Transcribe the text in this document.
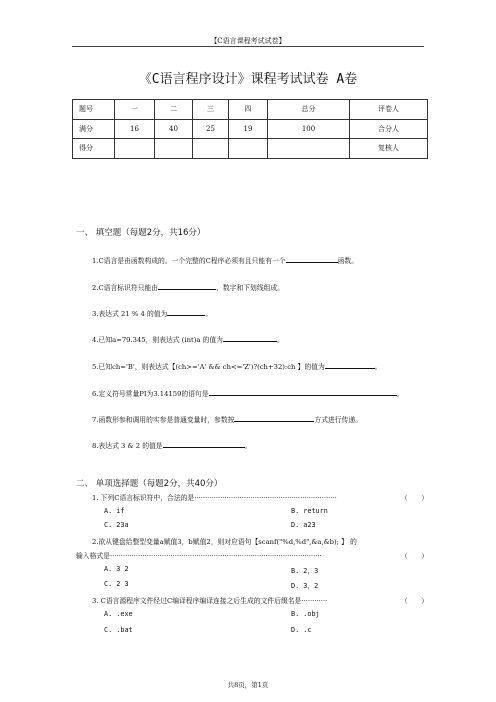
【C语言课程考试试卷】
《C语言程序设计》课程考试试卷 A卷
题号	一	二	三	四	总分	评卷人
满分	16	40	25	19	100	合分人
得分						复核人
一、 填空题（每题2分，共16分）
1.C语言是由函数构成的。一个完整的C程序必须有且只能有一个	函数。
2.C语言标识符只能由	、数字和下划线组成。
3.表达式 21 % 4 的值为	。
4.已知a=79.345，则表达式 (int)a 的值为	。
5.已知ch='B'，则表达式【(ch>='A' && ch<='Z')?(ch+32):ch 】的值为	。
6.定义符号常量PI为3.14159的语句是	。
7.函数形参和调用的实参是普通变量时，参数按	方式进行传递。
8.表达式 3 & 2 的值是	。
二、 单项选择题（每题2分，共40分）
1. 下列C语言标识符中，合法的是··································································	（　　）
A. if	B. return
C. 23a	D. a23
2.欲从键盘给整型变量a赋值3，b赋值2，则对应语句【scanf("%d,%d",&a,&b); 】 的
输入格式是··································································································	（　　）
A. 3 2	B. 2，3
C. 2 3	D. 3，2
3. C语言源程序文件经过C编译程序编译连接之后生成的文件后缀名是············	（　　）
A. .exe	B. .obj
C. .bat	D. .c
共8页，第1页
